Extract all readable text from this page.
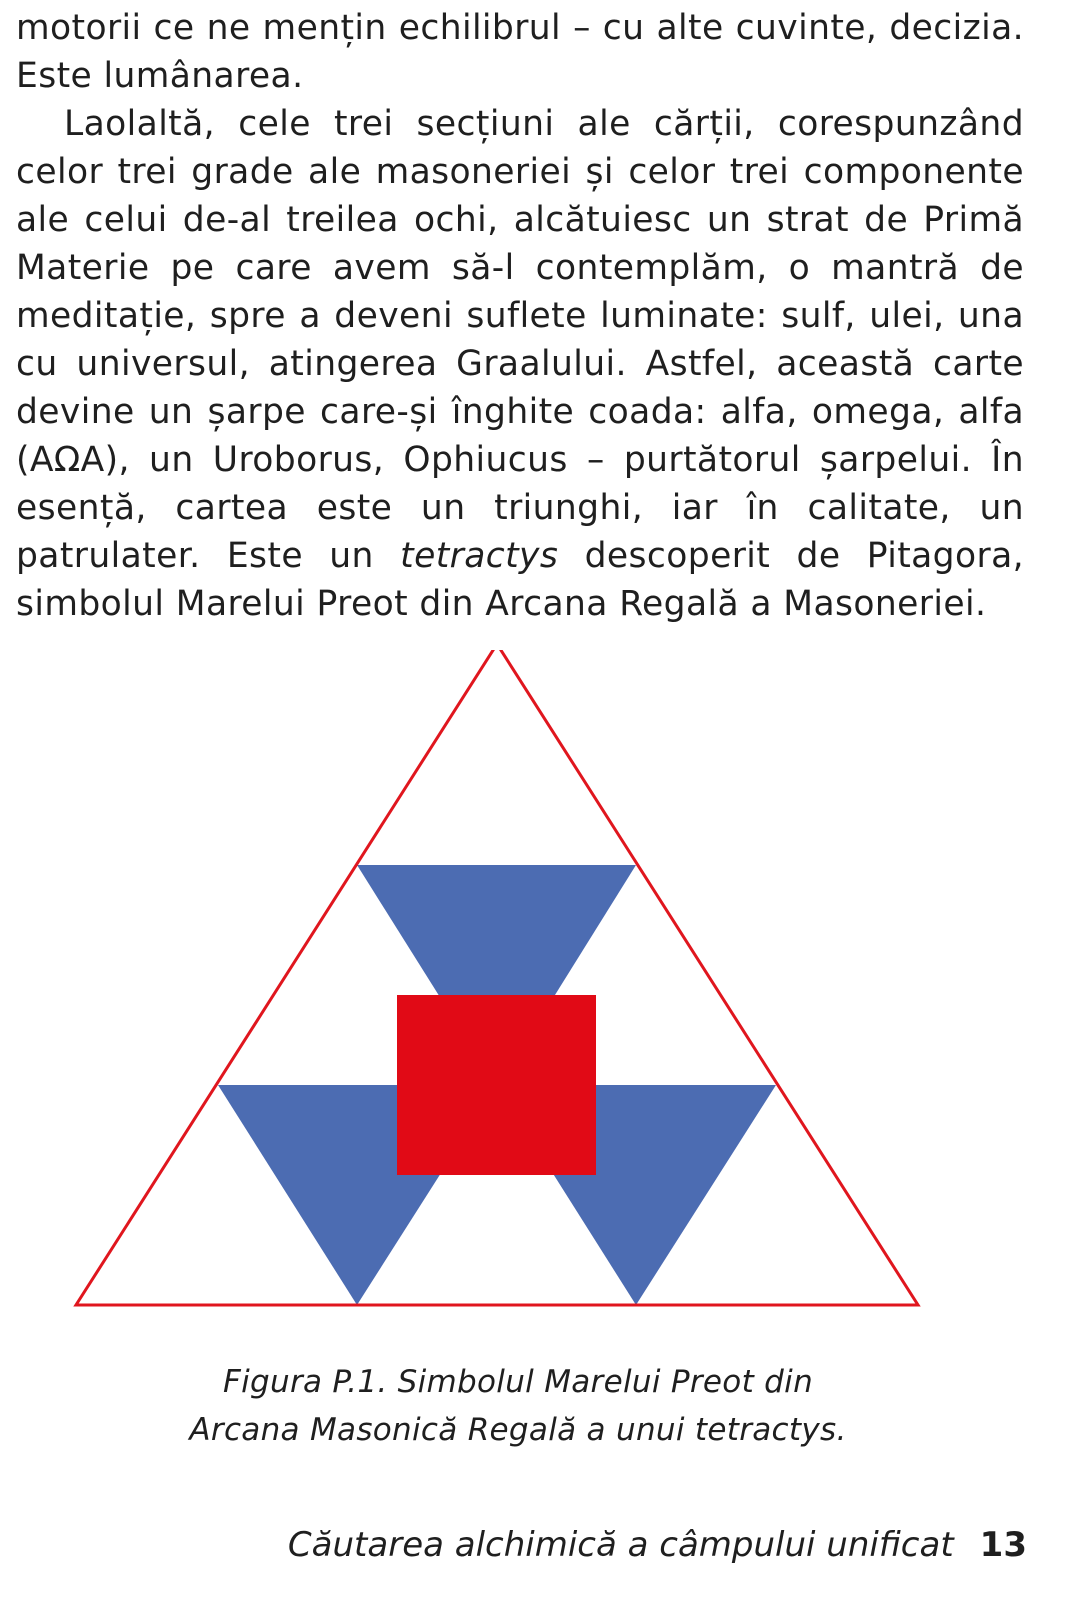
motorii ce ne mențin echilibrul – cu alte cuvinte, decizia. Este lumânarea.

Laolaltă, cele trei secțiuni ale cărții, corespunzând celor trei grade ale masoneriei și celor trei componente ale celui de-al treilea ochi, alcătuiesc un strat de Primă Materie pe care avem să-l contemplăm, o mantră de meditație, spre a deveni suflete luminate: sulf, ulei, una cu universul, atingerea Graalului. Astfel, această carte devine un șarpe care-și înghite coada: alfa, omega, alfa (AΩA), un Uroborus, Ophiucus – purtătorul șarpelui. În esență, cartea este un triunghi, iar în calitate, un patrulater. Este un tetractys descoperit de Pitagora, simbolul Marelui Preot din Arcana Regală a Masoneriei.

Figura P.1. Simbolul Marelui Preot din
Arcana Masonică Regală a unui tetractys.
Căutarea alchimică a câmpului unificat 13
